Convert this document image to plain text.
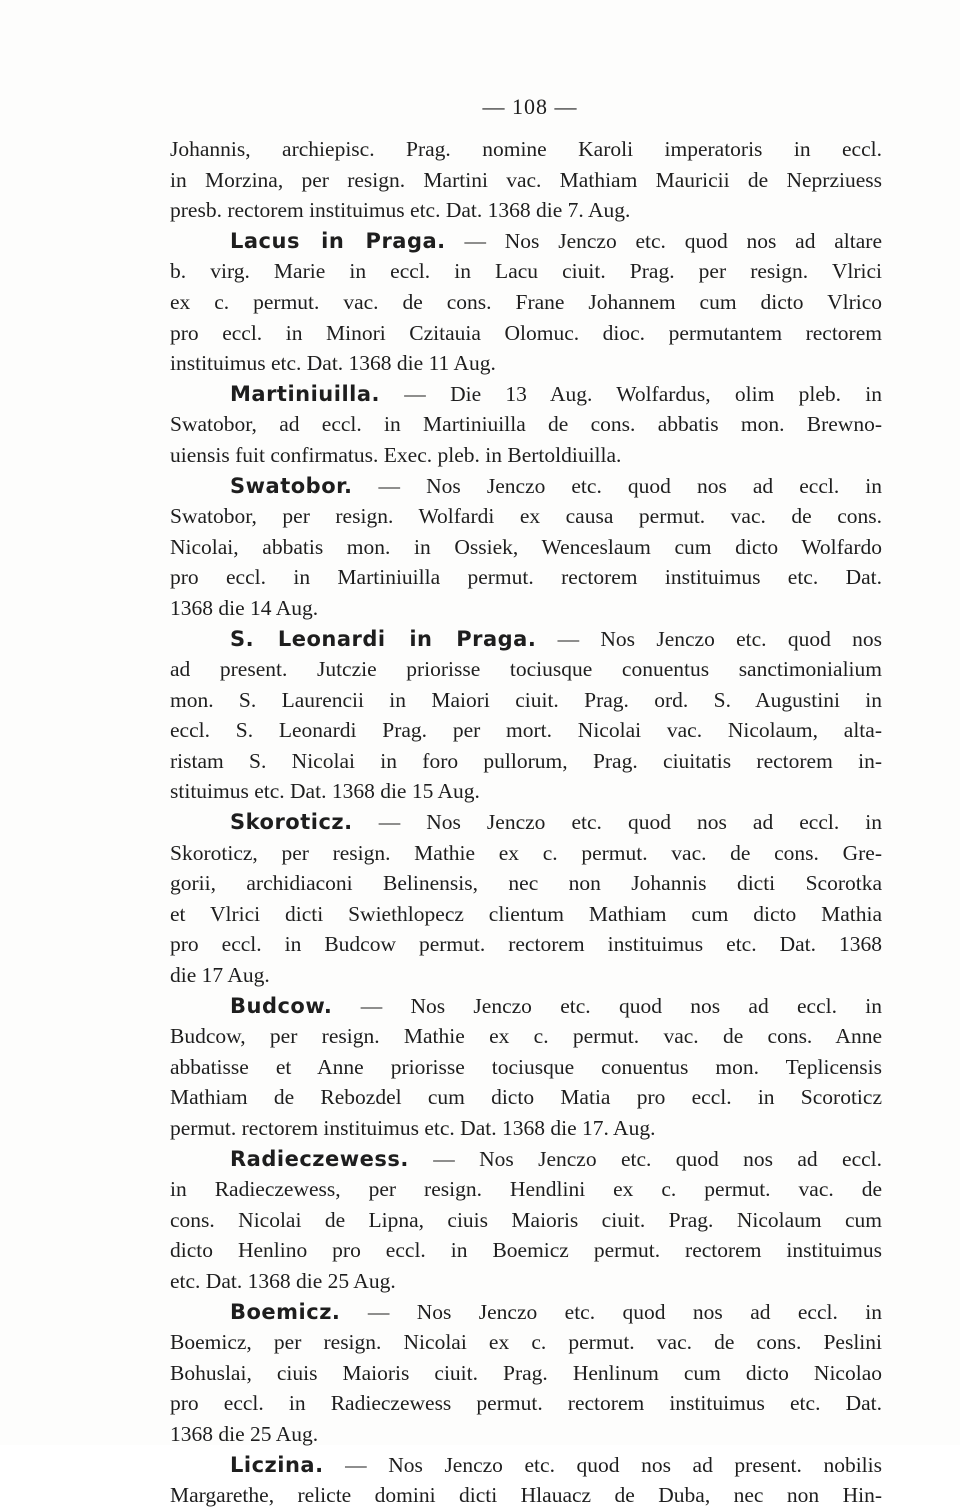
— 108 —
Johannis, archiepisc. Prag. nomine Karoli imperatoris in eccl.
in Morzina, per resign. Martini vac. Mathiam Mauricii de Neprziuess
presb. rectorem instituimus etc. Dat. 1368 die 7. Aug.
Lacus in Praga. — Nos Jenczo etc. quod nos ad altare
b. virg. Marie in eccl. in Lacu ciuit. Prag. per resign. Vlrici
ex c. permut. vac. de cons. Frane Johannem cum dicto Vlrico
pro eccl. in Minori Czitauia Olomuc. dioc. permutantem rectorem
instituimus etc. Dat. 1368 die 11 Aug.
Martiniuilla. — Die 13 Aug. Wolfardus, olim pleb. in
Swatobor, ad eccl. in Martiniuilla de cons. abbatis mon. Brewno-
uiensis fuit confirmatus. Exec. pleb. in Bertoldiuilla.
Swatobor. — Nos Jenczo etc. quod nos ad eccl. in
Swatobor, per resign. Wolfardi ex causa permut. vac. de cons.
Nicolai, abbatis mon. in Ossiek, Wenceslaum cum dicto Wolfardo
pro eccl. in Martiniuilla permut. rectorem instituimus etc. Dat.
1368 die 14 Aug.
S. Leonardi in Praga. — Nos Jenczo etc. quod nos
ad present. Jutczie priorisse tociusque conuentus sanctimonialium
mon. S. Laurencii in Maiori ciuit. Prag. ord. S. Augustini in
eccl. S. Leonardi Prag. per mort. Nicolai vac. Nicolaum, alta-
ristam S. Nicolai in foro pullorum, Prag. ciuitatis rectorem in-
stituimus etc. Dat. 1368 die 15 Aug.
Skoroticz. — Nos Jenczo etc. quod nos ad eccl. in
Skoroticz, per resign. Mathie ex c. permut. vac. de cons. Gre-
gorii, archidiaconi Belinensis, nec non Johannis dicti Scorotka
et Vlrici dicti Swiethlopecz clientum Mathiam cum dicto Mathia
pro eccl. in Budcow permut. rectorem instituimus etc. Dat. 1368
die 17 Aug.
Budcow. — Nos Jenczo etc. quod nos ad eccl. in
Budcow, per resign. Mathie ex c. permut. vac. de cons. Anne
abbatisse et Anne priorisse tociusque conuentus mon. Teplicensis
Mathiam de Rebozdel cum dicto Matia pro eccl. in Scoroticz
permut. rectorem instituimus etc. Dat. 1368 die 17. Aug.
Radieczewess. — Nos Jenczo etc. quod nos ad eccl.
in Radieczewess, per resign. Hendlini ex c. permut. vac. de
cons. Nicolai de Lipna, ciuis Maioris ciuit. Prag. Nicolaum cum
dicto Henlino pro eccl. in Boemicz permut. rectorem instituimus
etc. Dat. 1368 die 25 Aug.
Boemicz. — Nos Jenczo etc. quod nos ad eccl. in
Boemicz, per resign. Nicolai ex c. permut. vac. de cons. Peslini
Bohuslai, ciuis Maioris ciuit. Prag. Henlinum cum dicto Nicolao
pro eccl. in Radieczewess permut. rectorem instituimus etc. Dat.
1368 die 25 Aug.
Liczina. — Nos Jenczo etc. quod nos ad present. nobilis
Margarethe, relicte domini dicti Hlauacz de Duba, nec non Hin-
